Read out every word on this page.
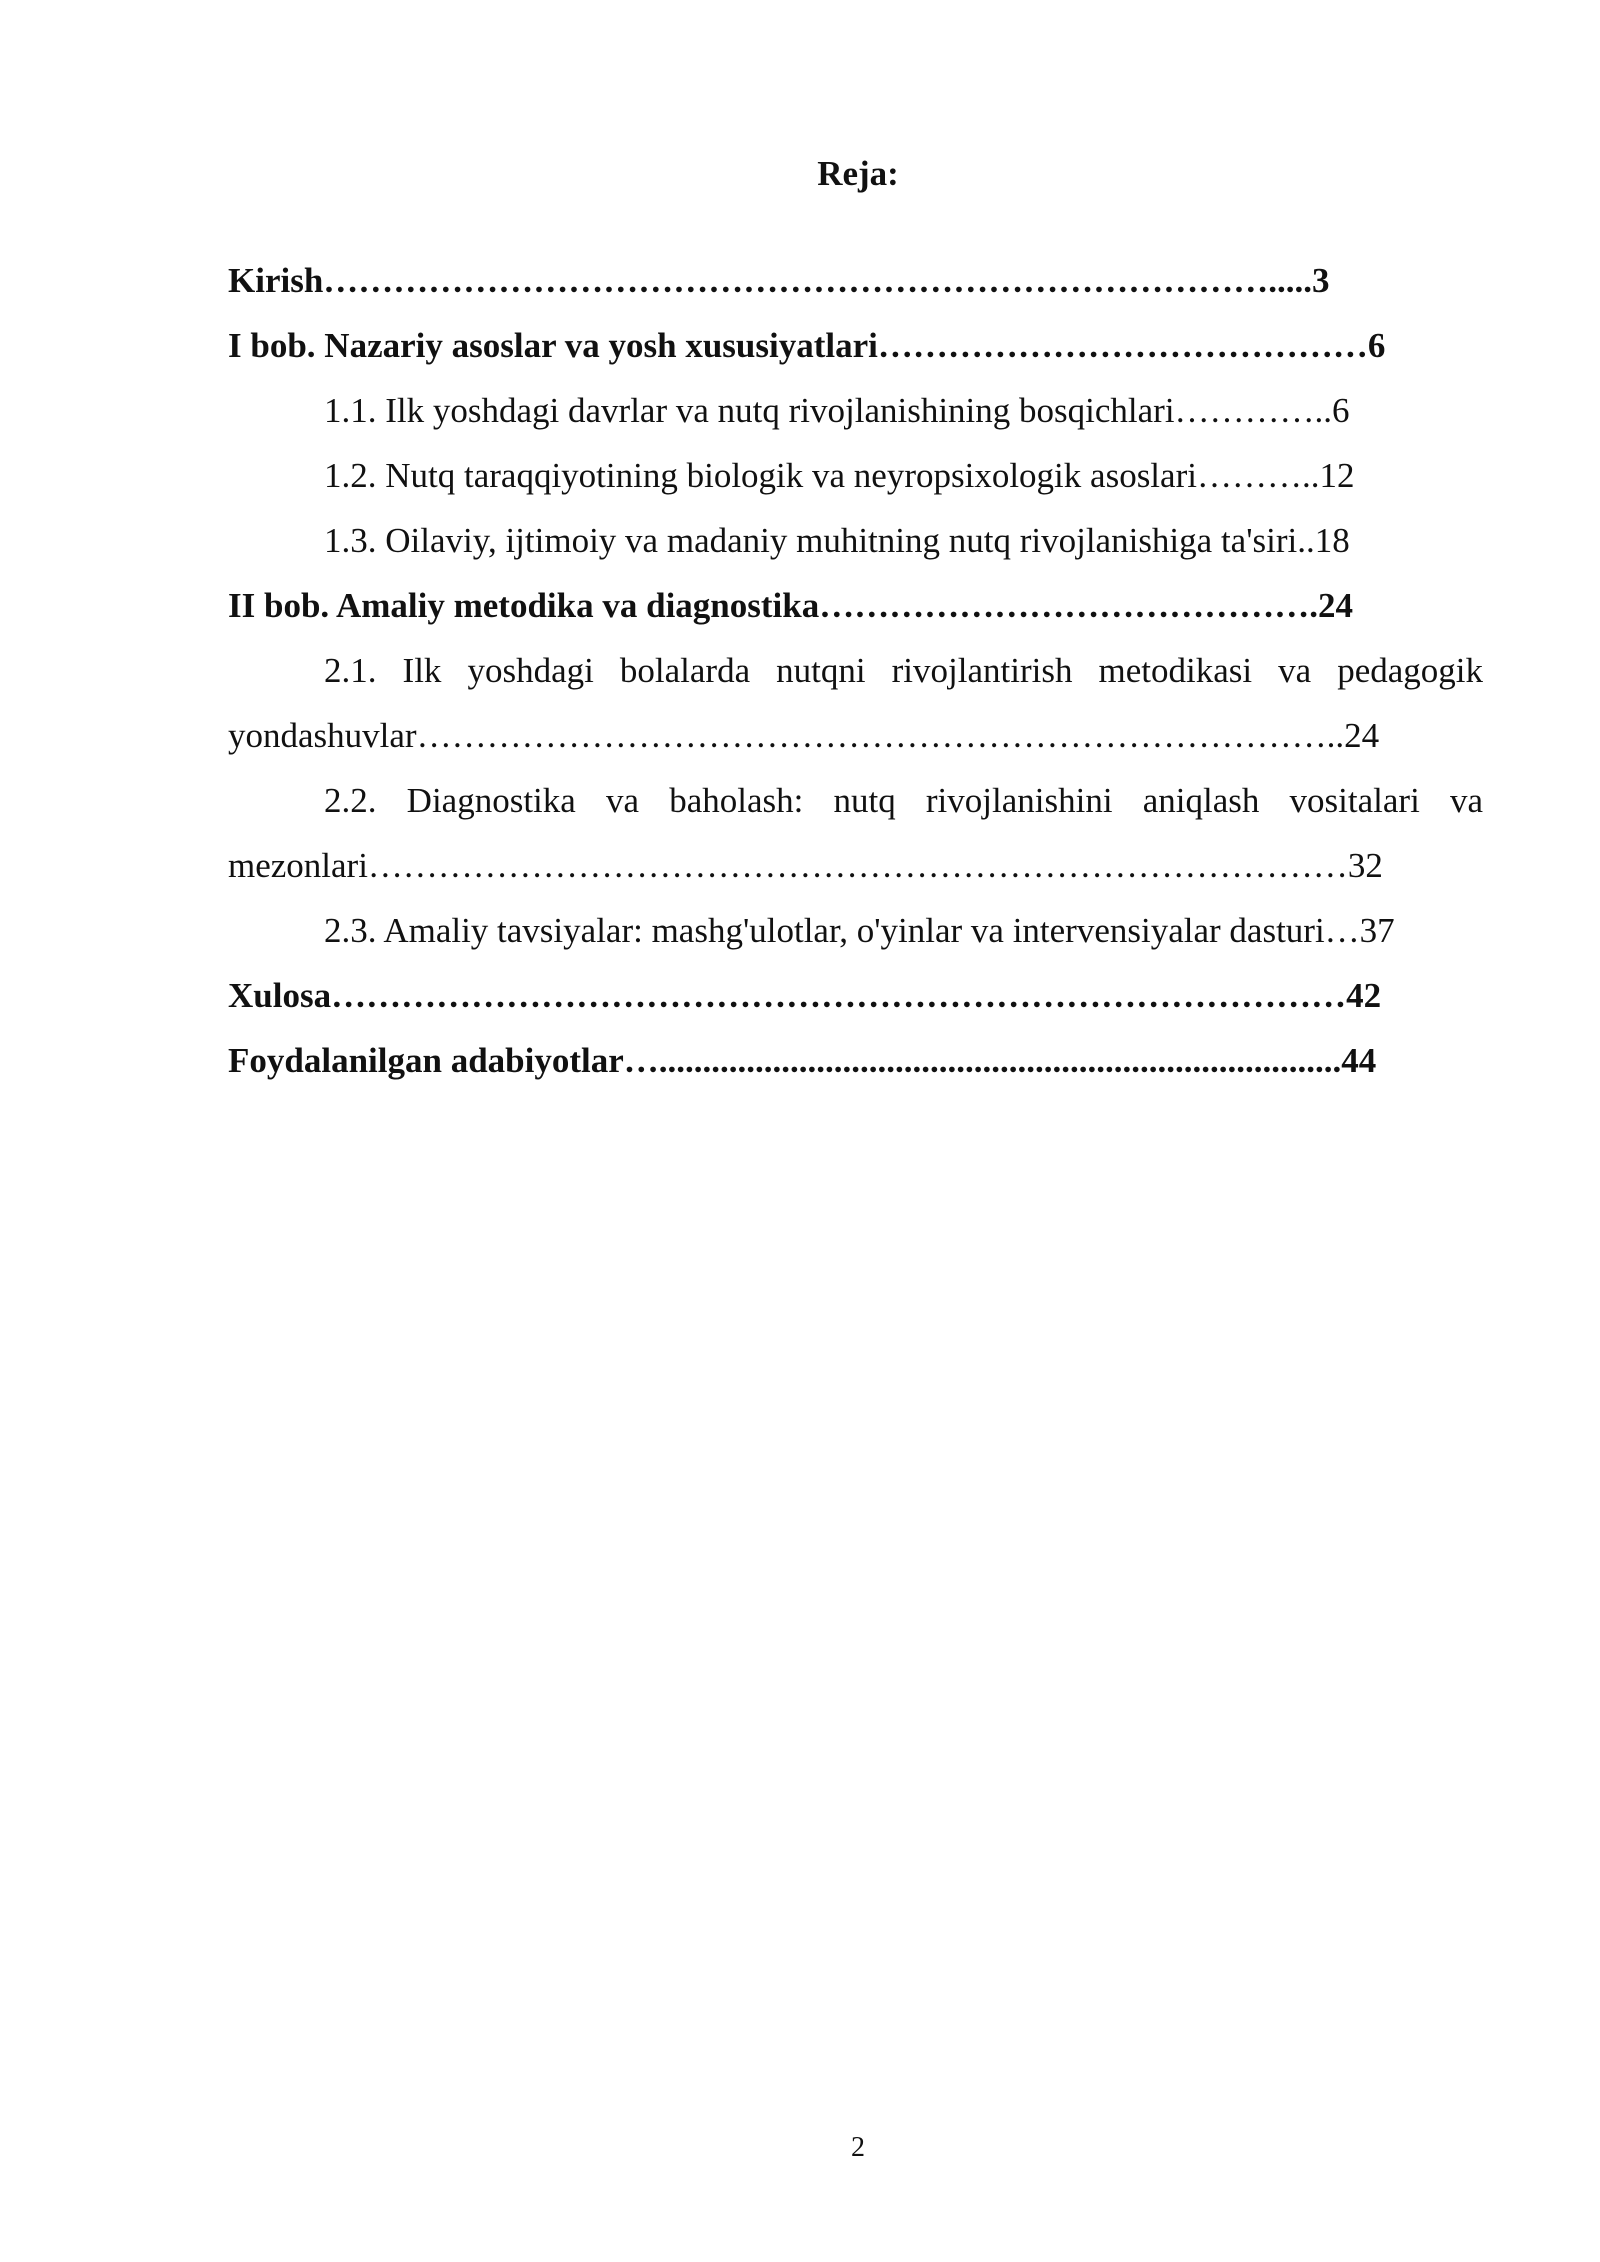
Reja:
Kirish……………………………………………………………………….....3
I bob. Nazariy asoslar va yosh xususiyatlari……………………………………6
1.1. Ilk yoshdagi davrlar va nutq rivojlanishining bosqichlari…………..6
1.2. Nutq taraqqiyotining biologik va neyropsixologik asoslari………..12
1.3. Oilaviy, ijtimoiy va madaniy muhitning nutq rivojlanishiga ta'siri..18
II bob. Amaliy metodika va diagnostika…………………………………….24
2.1. Ilk yoshdagi bolalarda nutqni rivojlantirish metodikasi va pedagogik
yondashuvlar……………………………………………………………………..24
2.2. Diagnostika va baholash: nutq rivojlanishini aniqlash vositalari va
mezonlari…………………………………………………………………………32
2.3. Amaliy tavsiyalar: mashg'ulotlar, o'yinlar va intervensiyalar dasturi…37
Xulosa……………………………………………………………………………42
Foydalanilgan adabiyotlar…..............................................................................44
2
